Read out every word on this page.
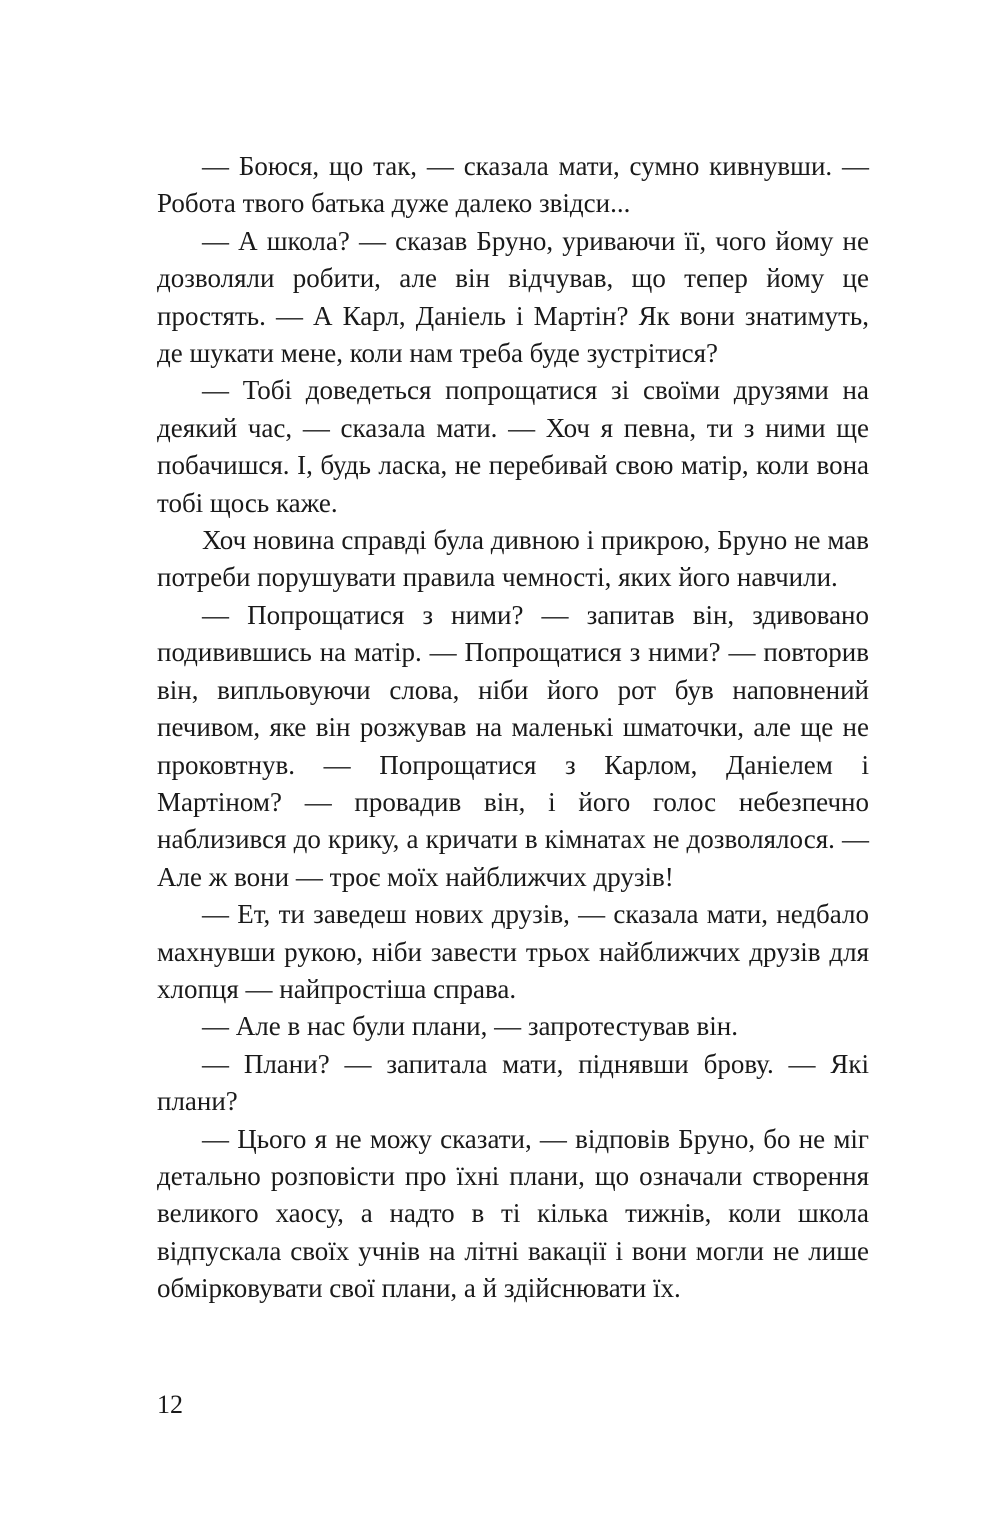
— Боюся, що так, — сказала мати, сумно кивнувши. — Робота твого батька дуже далеко звідси...

— А школа? — сказав Бруно, уриваючи її, чого йому не дозволяли робити, але він відчував, що тепер йому це простять. — А Карл, Даніель і Мартін? Як вони знатимуть, де шукати мене, коли нам треба буде зустрітися?

— Тобі доведеться попрощатися зі своїми друзями на деякий час, — сказала мати. — Хоч я певна, ти з ними ще побачишся. І, будь ласка, не перебивай свою матір, коли вона тобі щось каже.

Хоч новина справді була дивною і прикрою, Бруно не мав потреби порушувати правила чемності, яких його навчили.

— Попрощатися з ними? — запитав він, здивовано подивившись на матір. — Попрощатися з ними? — повторив він, випльовуючи слова, ніби його рот був наповнений печивом, яке він розжував на маленькі шматочки, але ще не проковтнув. — Попрощатися з Карлом, Даніелем і Мартіном? — провадив він, і його голос небезпечно наблизився до крику, а кричати в кімнатах не дозволялося. — Але ж вони — троє моїх найближчих друзів!

— Ет, ти заведеш нових друзів, — сказала мати, недбало махнувши рукою, ніби завести трьох найближчих друзів для хлопця — найпростіша справа.

— Але в нас були плани, — запротестував він.

— Плани? — запитала мати, піднявши брову. — Які плани?

— Цього я не можу сказати, — відповів Бруно, бо не міг детально розповісти про їхні плани, що означали створення великого хаосу, а надто в ті кілька тижнів, коли школа відпускала своїх учнів на літні вакації і вони могли не лише обмірковувати свої плани, а й здійснювати їх.

12
